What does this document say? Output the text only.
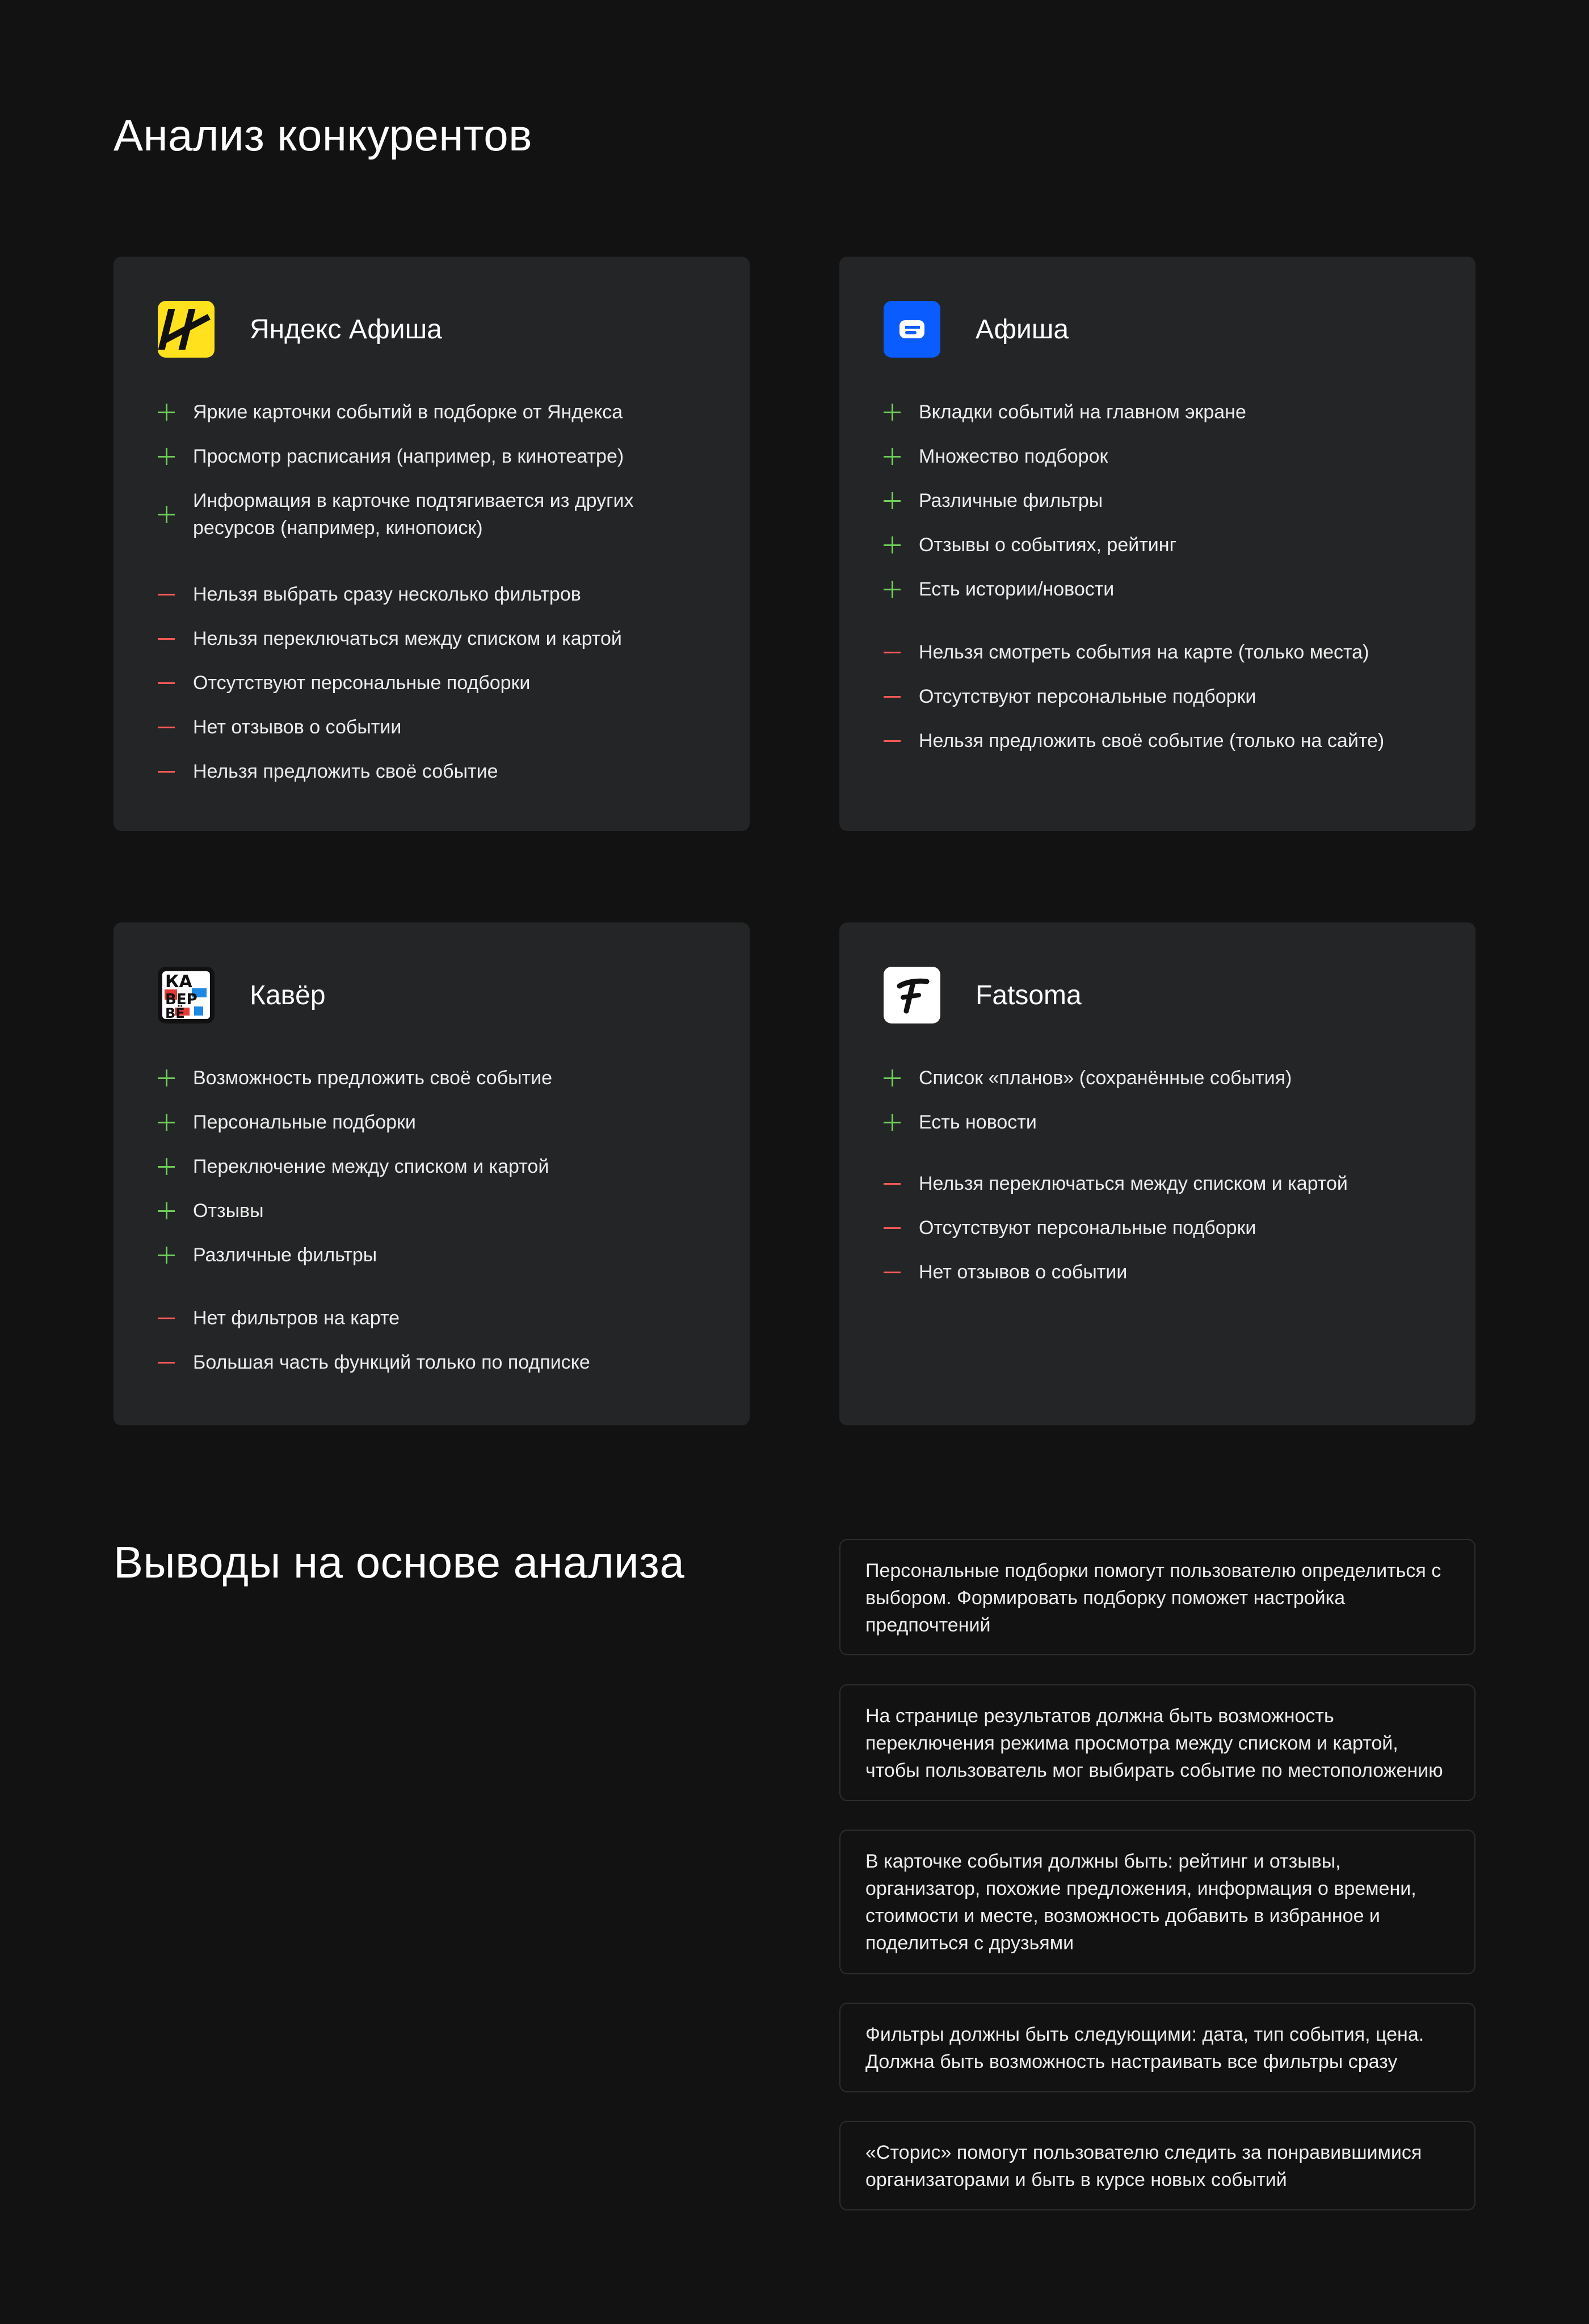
Анализ конкурентов
Яндекс Афиша
Яркие карточки событий в подборке от Яндекса
Просмотр расписания (например, в кинотеатре)
Информация в карточке подтягивается из других ресурсов (например, кинопоиск)
Нельзя выбрать сразу несколько фильтров
Нельзя переключаться между списком и картой
Отсутствуют персональные подборки
Нет отзывов о событии
Нельзя предложить своё событие
Афиша
Вкладки событий на главном экране
Множество подборок
Различные фильтры
Отзывы о событиях, рейтинг
Есть истории/новости
Нельзя смотреть события на карте (только места)
Отсутствуют персональные подборки
Нельзя предложить своё событие (только на сайте)
КА
ВЕР
ВЁ
Кавёр
Возможность предложить своё событие
Персональные подборки
Переключение между списком и картой
Отзывы
Различные фильтры
Нет фильтров на карте
Большая часть функций только по подписке
Fatsoma
Список «планов» (сохранённые события)
Есть новости
Нельзя переключаться между списком и картой
Отсутствуют персональные подборки
Нет отзывов о событии
Выводы на основе анализа	Персональные подборки помогут пользователю определиться с выбором. Формировать подборку поможет настройка предпочтений
На странице результатов должна быть возможность переключения режима просмотра между списком и картой, чтобы пользователь мог выбирать событие по местоположению
В карточке события должны быть: рейтинг и отзывы, организатор, похожие предложения, информация о времени, стоимости и месте, возможность добавить в избранное и поделиться с друзьями
Фильтры должны быть следующими: дата, тип события, цена. Должна быть возможность настраивать все фильтры сразу
«Сторис» помогут пользователю следить за понравившимися организаторами и быть в курсе новых событий
